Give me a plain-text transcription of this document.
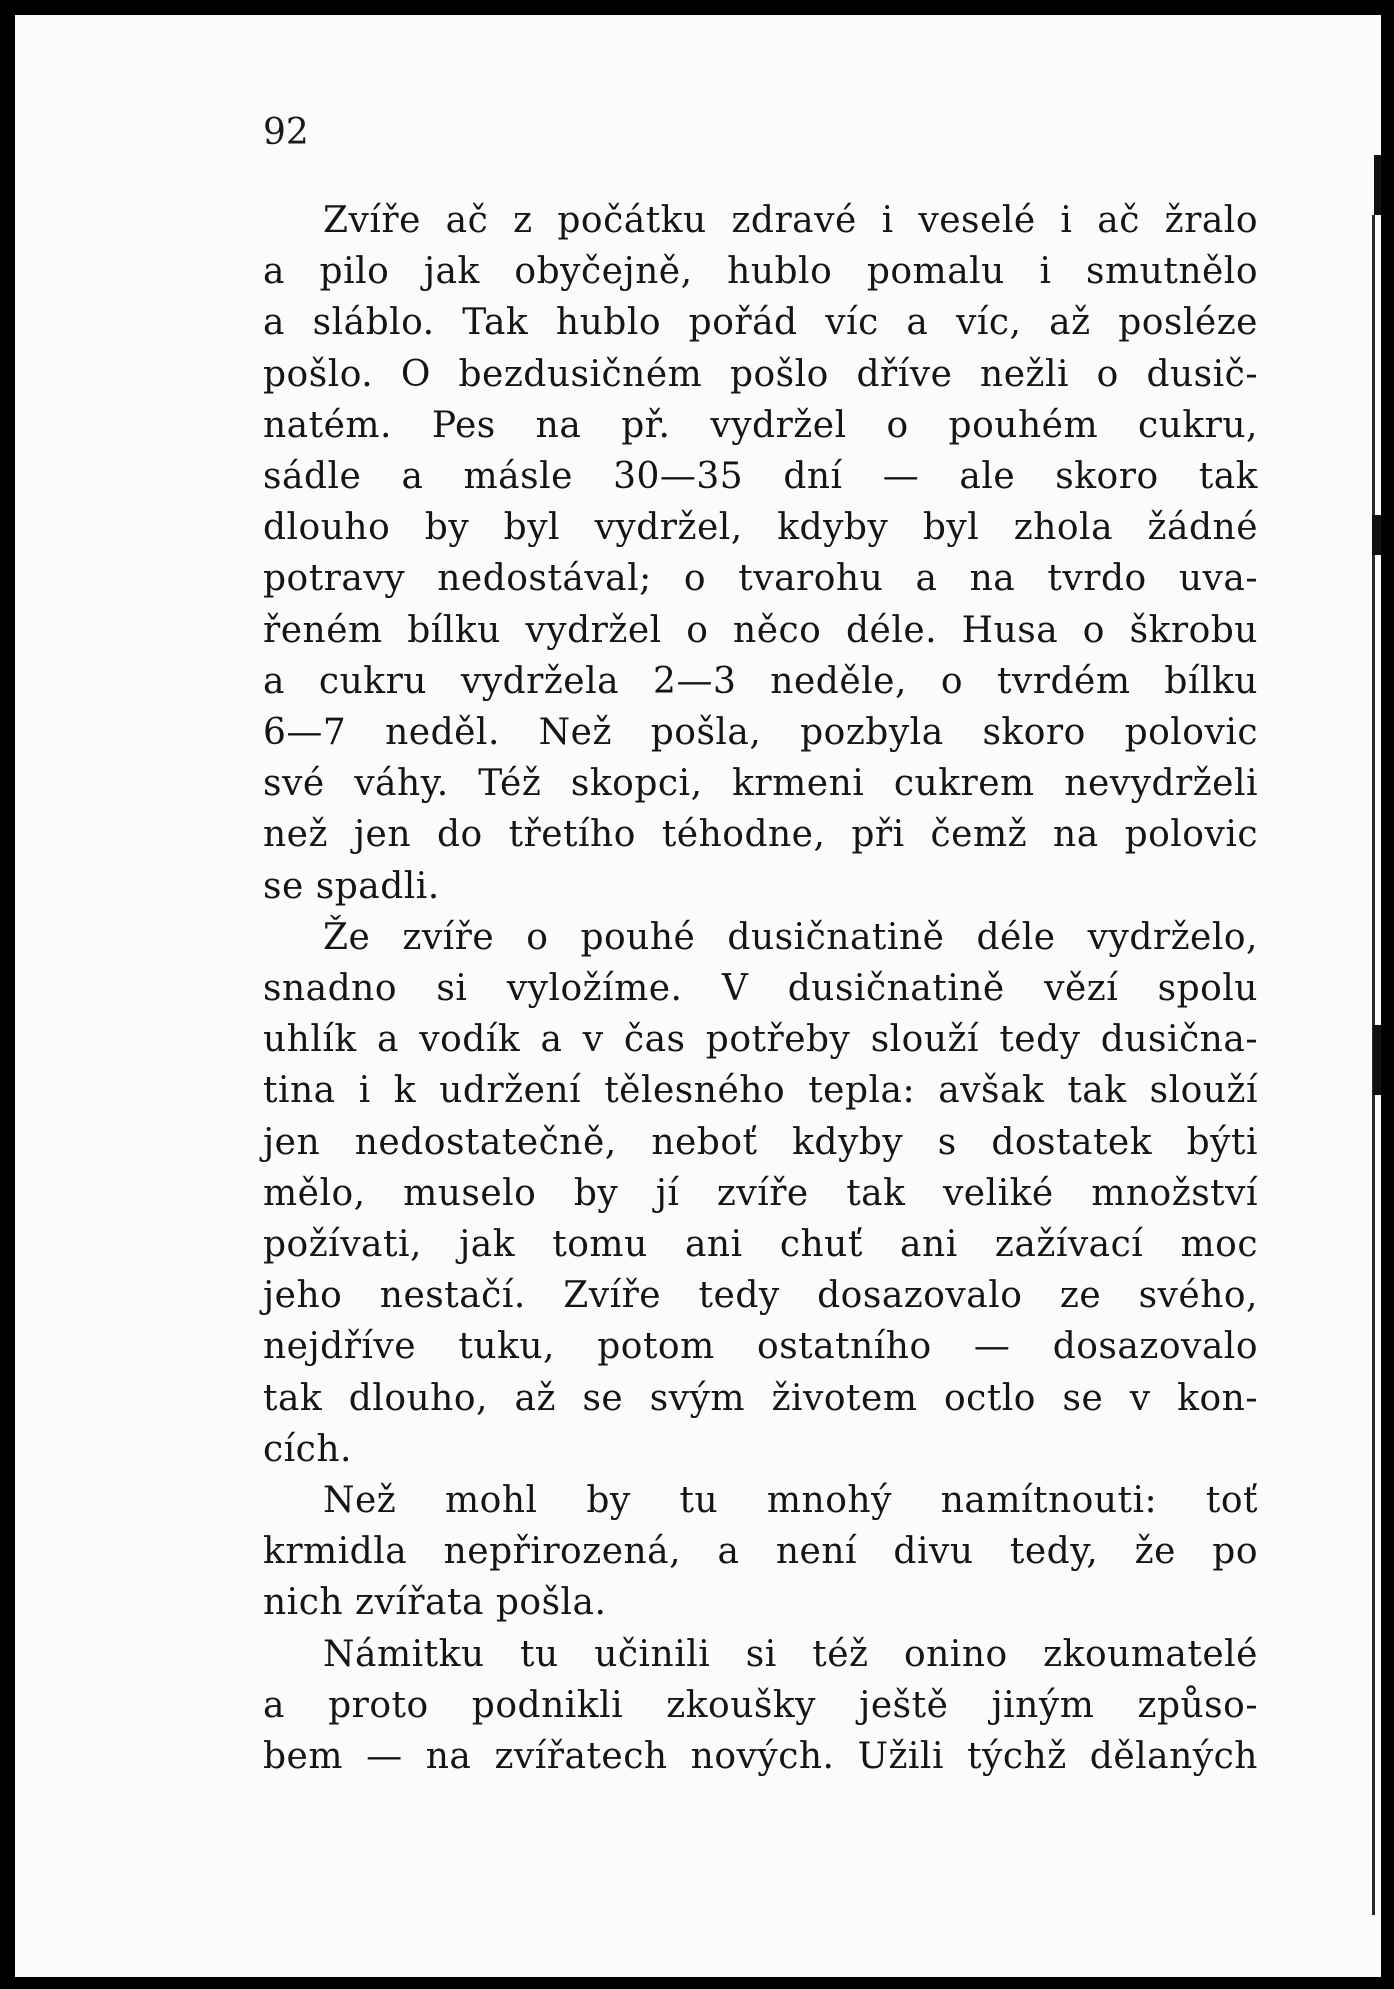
92

Zvíře ač z počátku zdravé i veselé i ač žralo
a pilo jak obyčejně, hublo pomalu i smutnělo
a sláblo. Tak hublo pořád víc a víc, až posléze
pošlo. O bezdusičném pošlo dříve nežli o dusič-
natém. Pes na př. vydržel o pouhém cukru,
sádle a másle 30—35 dní — ale skoro tak
dlouho by byl vydržel, kdyby byl zhola žádné
potravy nedostával; o tvarohu a na tvrdo uva-
řeném bílku vydržel o něco déle. Husa o škrobu
a cukru vydržela 2—3 neděle, o tvrdém bílku
6—7 neděl. Než pošla, pozbyla skoro polovic
své váhy. Též skopci, krmeni cukrem nevydrželi
než jen do třetího téhodne, při čemž na polovic
se spadli.
Že zvíře o pouhé dusičnatině déle vydrželo,
snadno si vyložíme. V dusičnatině vězí spolu
uhlík a vodík a v čas potřeby slouží tedy dusična-
tina i k udržení tělesného tepla: avšak tak slouží
jen nedostatečně, neboť kdyby s dostatek býti
mělo, muselo by jí zvíře tak veliké množství
požívati, jak tomu ani chuť ani zažívací moc
jeho nestačí. Zvíře tedy dosazovalo ze svého,
nejdříve tuku, potom ostatního — dosazovalo
tak dlouho, až se svým životem octlo se v kon-
cích.
Než mohl by tu mnohý namítnouti: toť
krmidla nepřirozená, a není divu tedy, že po
nich zvířata pošla.
Námitku tu učinili si též onino zkoumatelé
a proto podnikli zkoušky ještě jiným způso-
bem — na zvířatech nových. Užili týchž dělaných
